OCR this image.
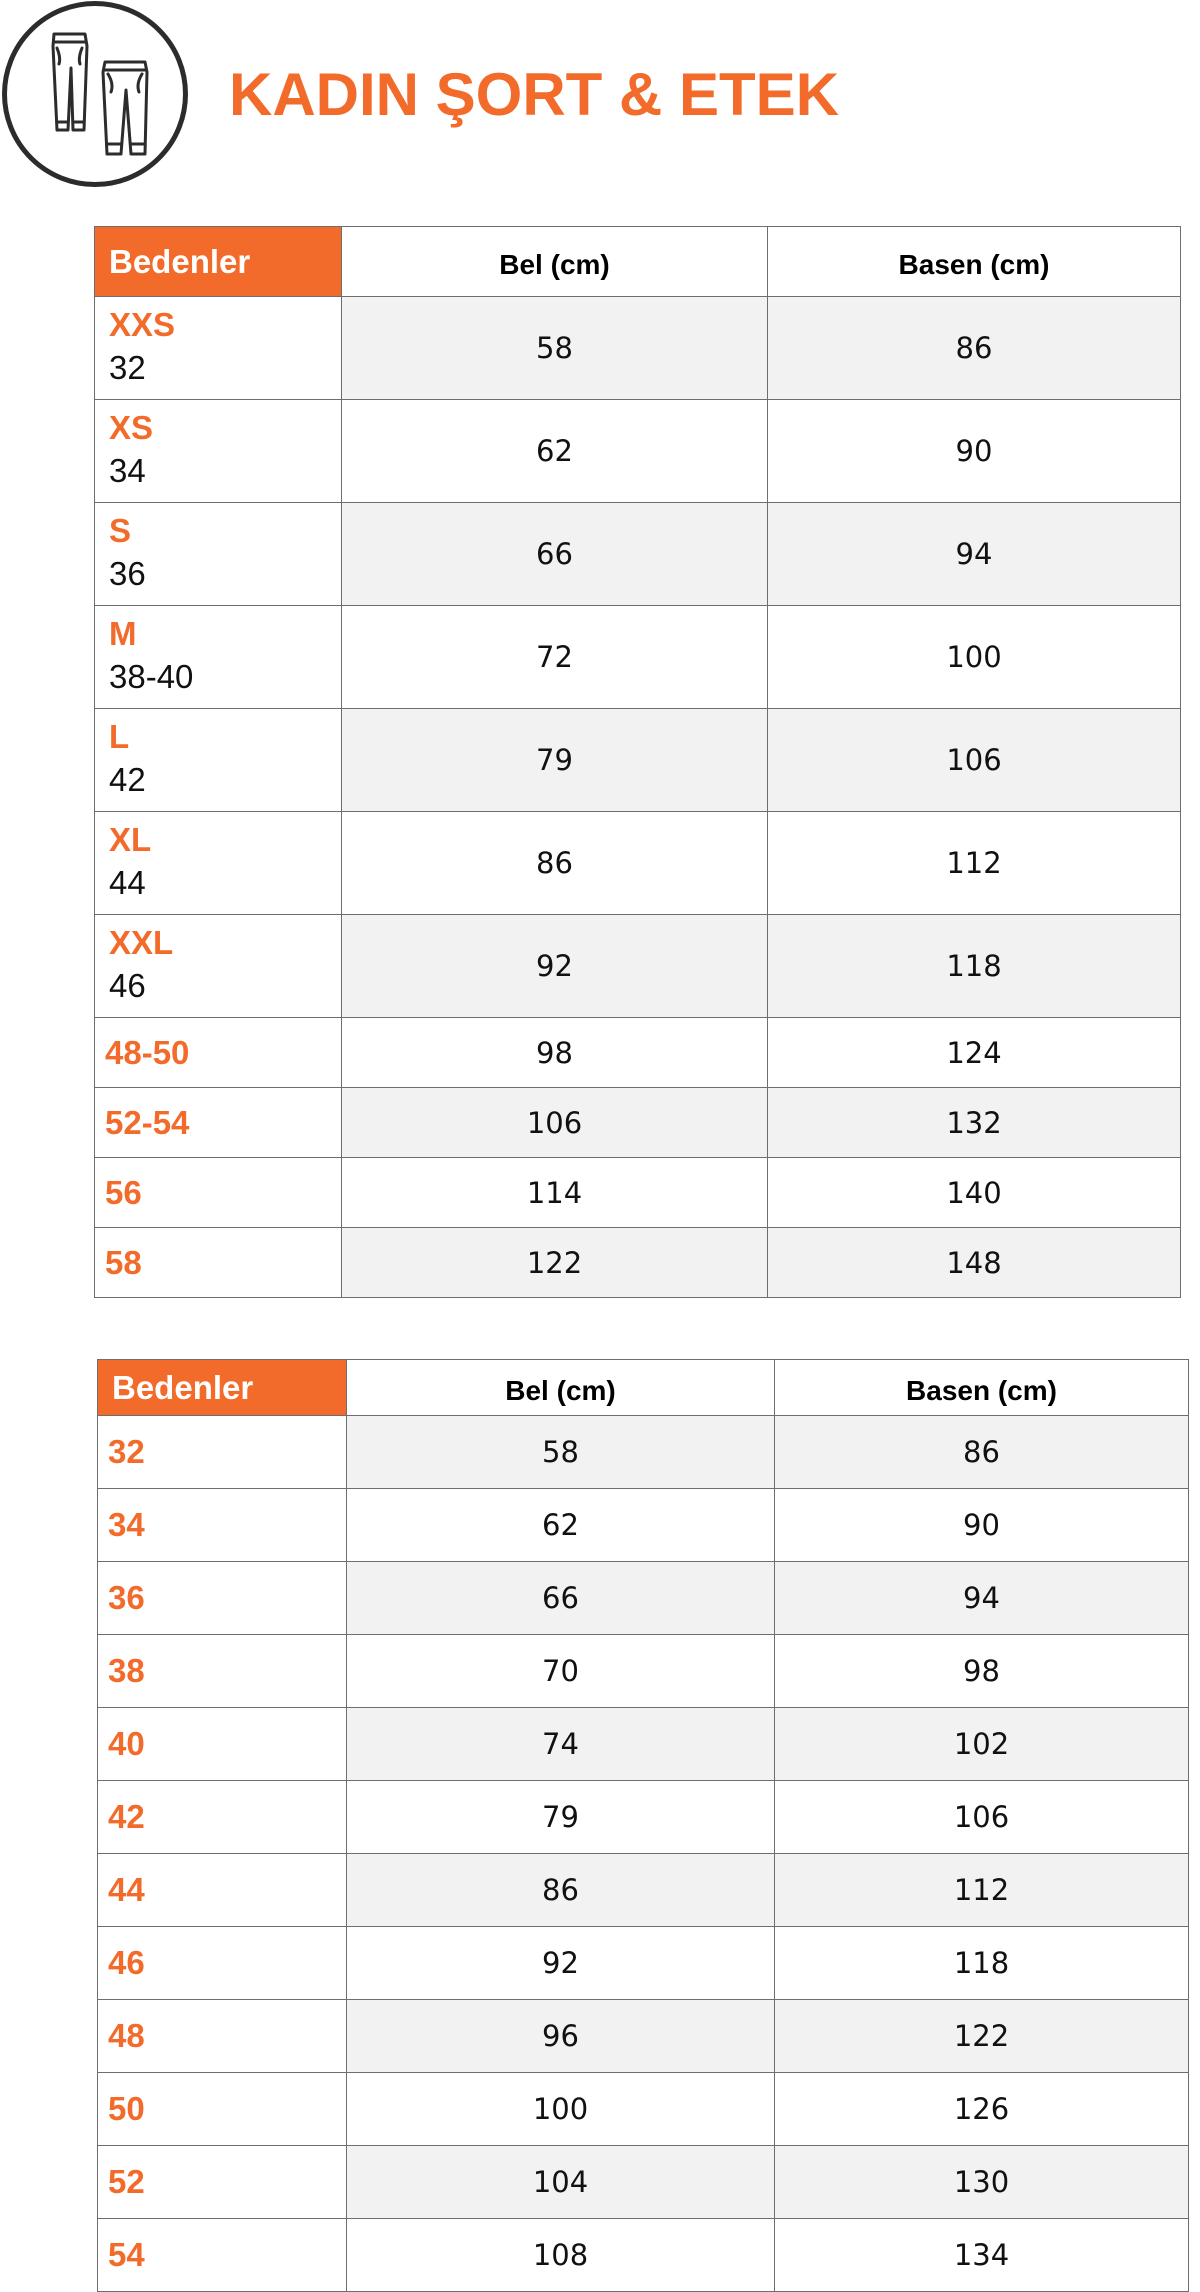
KADIN ŞORT & ETEK
Bedenler	Bel (cm)	Basen (cm)

XXS
32	58	86

XS
34	62	90

S
36	66	94

M
38-40	72	100

L
42	79	106

XL
44	86	112

XXL
46	92	118
48-50	98	124
52-54	106	132
56	114	140
58	122	148
Bedenler	Bel (cm)	Basen (cm)
32	58	86
34	62	90
36	66	94
38	70	98
40	74	102
42	79	106
44	86	112
46	92	118
48	96	122
50	100	126
52	104	130
54	108	134
